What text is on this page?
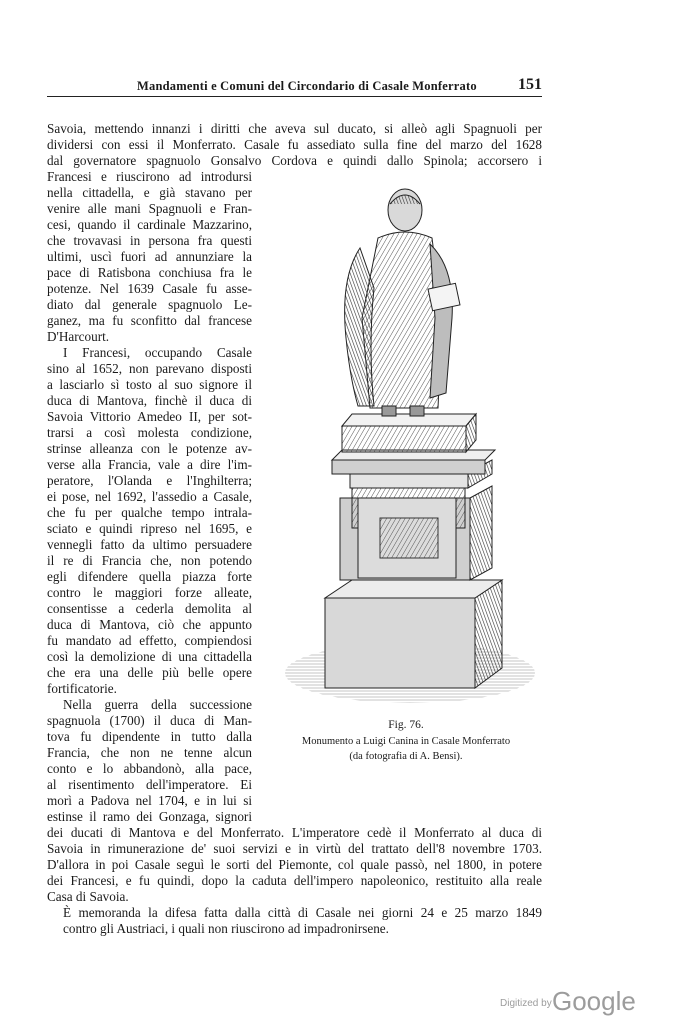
Mandamenti e Comuni del Circondario di Casale Monferrato	151
Savoia, mettendo innanzi i diritti che aveva sul ducato, si alleò agli Spagnuoli per
dividersi con essi il Monferrato. Casale fu assediato sulla fine del marzo del 1628
dal governatore spagnuolo Gonsalvo Cordova e quindi dallo Spinola; accorsero i
Francesi e riuscirono ad introdursi
nella cittadella, e già stavano per
venire alle mani Spagnuoli e Fran-
cesi, quando il cardinale Mazzarino,
che trovavasi in persona fra questi
ultimi, uscì fuori ad annunziare la
pace di Ratisbona conchiusa fra le
potenze. Nel 1639 Casale fu asse-
diato dal generale spagnuolo Le-
ganez, ma fu sconfitto dal francese
D'Harcourt.
I Francesi, occupando Casale
sino al 1652, non parevano disposti
a lasciarlo sì tosto al suo signore il
duca di Mantova, finchè il duca di
Savoia Vittorio Amedeo II, per sot-
trarsi a così molesta condizione,
strinse alleanza con le potenze av-
verse alla Francia, vale a dire l'im-
peratore, l'Olanda e l'Inghilterra;
ei pose, nel 1692, l'assedio a Casale,
che fu per qualche tempo intrala-
sciato e quindi ripreso nel 1695, e
vennegli fatto da ultimo persuadere
il re di Francia che, non potendo
egli difendere quella piazza forte
contro le maggiori forze alleate,
consentisse a cederla demolita al
duca di Mantova, ciò che appunto
fu mandato ad effetto, compiendosi
così la demolizione di una cittadella
che era una delle più belle opere
fortificatorie.
Nella guerra della successione
spagnuola (1700) il duca di Man-
tova fu dipendente in tutto dalla
Francia, che non ne tenne alcun
conto e lo abbandonò, alla pace,
al risentimento dell'imperatore. Ei
morì a Padova nel 1704, e in lui si
estinse il ramo dei Gonzaga, signori
dei ducati di Mantova e del Monferrato. L'imperatore cedè il Monferrato al duca di
Savoia in rimunerazione de' suoi servizi e in virtù del trattato dell'8 novembre 1703.
D'allora in poi Casale seguì le sorti del Piemonte, col quale passò, nel 1800, in potere
dei Francesi, e fu quindi, dopo la caduta dell'impero napoleonico, restituito alla reale
Casa di Savoia.
È memoranda la difesa fatta dalla città di Casale nei giorni 24 e 25 marzo 1849
contro gli Austriaci, i quali non riuscirono ad impadronirsene.
Fig. 76.
Monumento a Luigi Canina in Casale Monferrato
(da fotografia di A. Bensi).
Digitized by Google
